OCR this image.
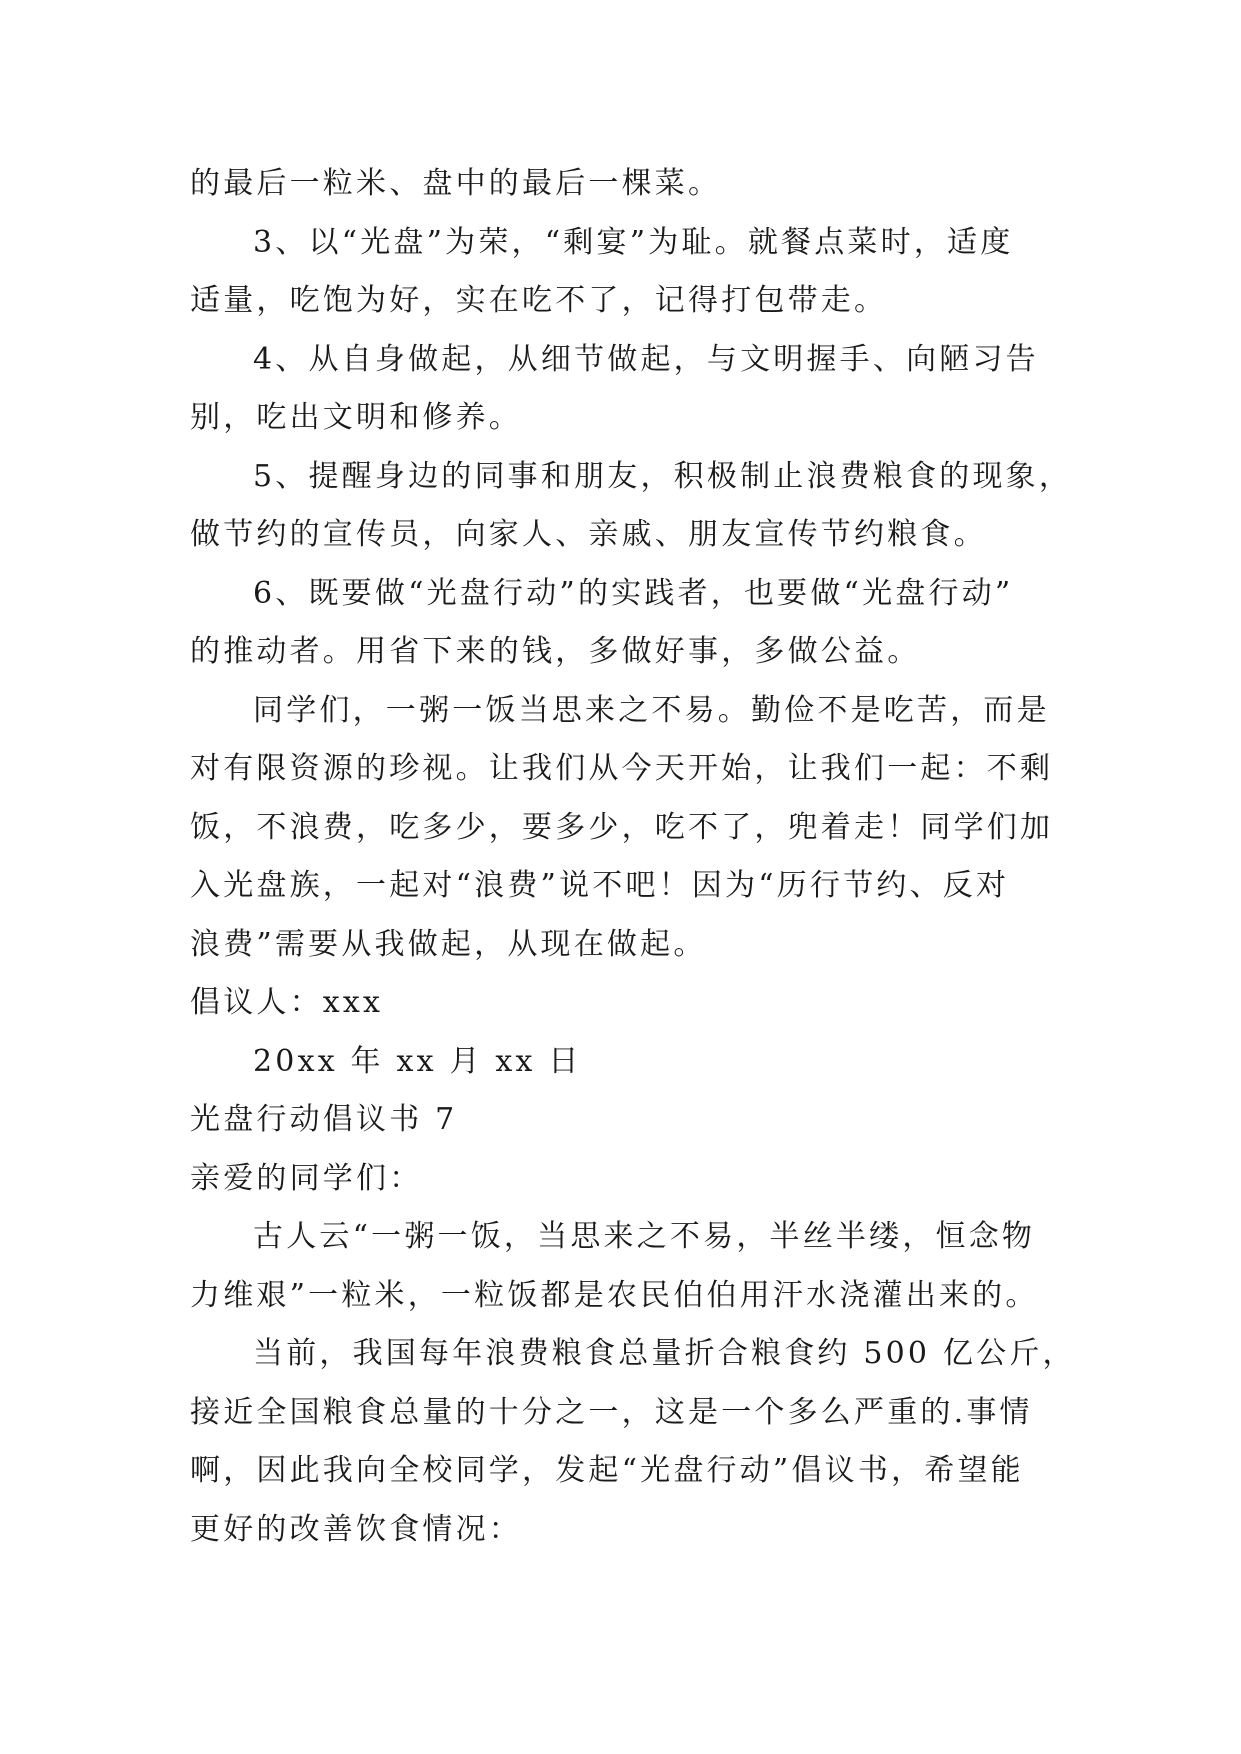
的最后一粒米、盘中的最后一棵菜。
3、以“光盘”为荣，“剩宴”为耻。就餐点菜时，适度
适量，吃饱为好，实在吃不了，记得打包带走。
4、从自身做起，从细节做起，与文明握手、向陋习告
别，吃出文明和修养。
5、提醒身边的同事和朋友，积极制止浪费粮食的现象，
做节约的宣传员，向家人、亲戚、朋友宣传节约粮食。
6、既要做“光盘行动”的实践者，也要做“光盘行动”
的推动者。用省下来的钱，多做好事，多做公益。
同学们，一粥一饭当思来之不易。勤俭不是吃苦，而是
对有限资源的珍视。让我们从今天开始，让我们一起：不剩
饭，不浪费，吃多少，要多少，吃不了，兜着走！同学们加
入光盘族，一起对“浪费”说不吧！因为“历行节约、反对
浪费”需要从我做起，从现在做起。
倡议人：xxx
20xx 年 xx 月 xx 日
光盘行动倡议书 7
亲爱的同学们：
古人云“一粥一饭，当思来之不易，半丝半缕，恒念物
力维艰”一粒米，一粒饭都是农民伯伯用汗水浇灌出来的。
当前，我国每年浪费粮食总量折合粮食约 500 亿公斤，
接近全国粮食总量的十分之一，这是一个多么严重的.事情
啊，因此我向全校同学，发起“光盘行动”倡议书，希望能
更好的改善饮食情况：
